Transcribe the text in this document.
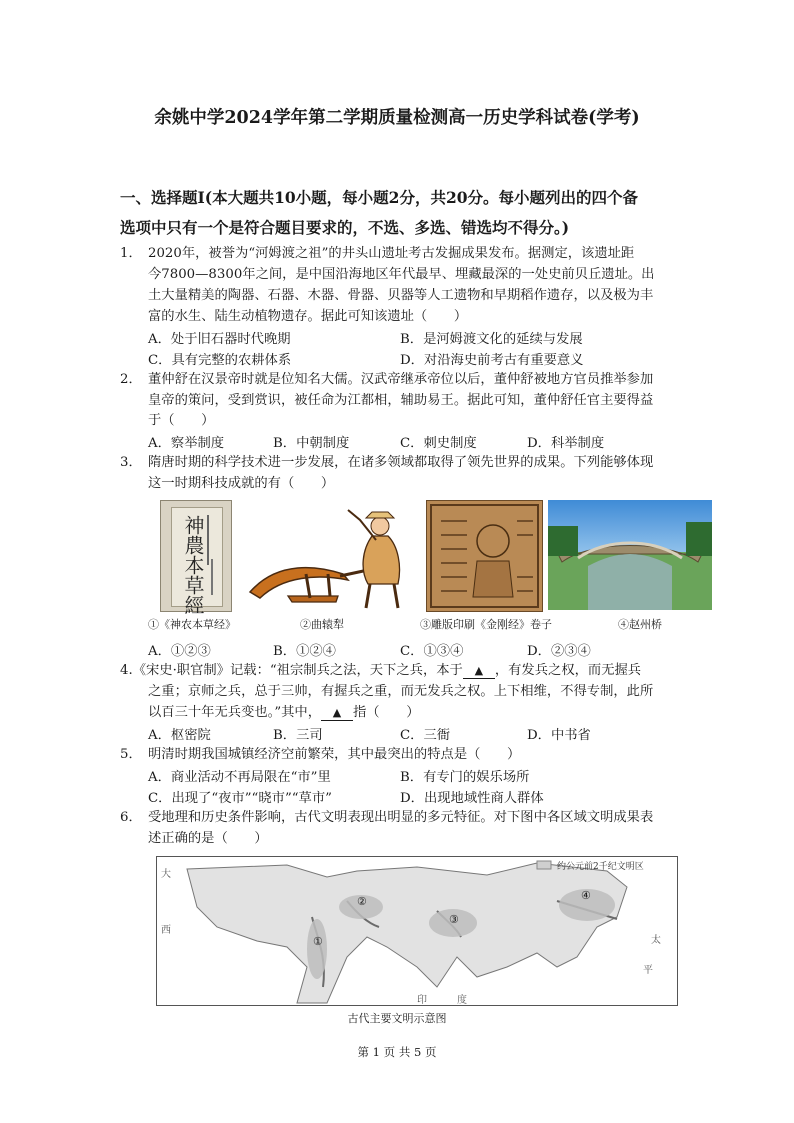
余姚中学2024学年第二学期质量检测高一历史学科试卷(学考)
一、选择题Ⅰ(本大题共10小题，每小题2分，共20分。每小题列出的四个备
选项中只有一个是符合题目要求的，不选、多选、错选均不得分。)
1． 2020年，被誉为“河姆渡之祖”的井头山遗址考古发掘成果发布。据测定，该遗址距
今7800—8300年之间，是中国沿海地区年代最早、埋藏最深的一处史前贝丘遗址。出
土大量精美的陶器、石器、木器、骨器、贝器等人工遗物和早期稻作遗存，以及极为丰
富的水生、陆生动植物遗存。据此可知该遗址（　　）
A．处于旧石器时代晚期	B．是河姆渡文化的延续与发展
C．具有完整的农耕体系	D．对沿海史前考古有重要意义
2． 董仲舒在汉景帝时就是位知名大儒。汉武帝继承帝位以后，董仲舒被地方官员推举参加
皇帝的策问，受到赏识，被任命为江都相，辅助易王。据此可知，董仲舒任官主要得益
于（　　）
A．察举制度	B．中朝制度	C．刺史制度	D．科举制度
3． 隋唐时期的科学技术进一步发展，在诸多领域都取得了领先世界的成果。下列能够体现
这一时期科技成就的有（　　）
神農本草經
①《神农本草经》	②曲辕犁	③雕版印刷《金刚经》卷子	④赵州桥
A．①②③	B．①②④	C．①③④	D．②③④
4.《宋史·职官制》记载：“祖宗制兵之法，天下之兵，本于 ▲ ，有发兵之权，而无握兵
之重；京师之兵，总于三帅，有握兵之重，而无发兵之权。上下相维，不得专制，此所
以百三十年无兵变也。”其中， ▲ 指（　　）
A．枢密院	B．三司	C．三衙	D．中书省
5． 明清时期我国城镇经济空前繁荣，其中最突出的特点是（　　）
A．商业活动不再局限在“市”里	B．有专门的娱乐场所
C．出现了“夜市”“晓市”“草市”	D．出现地域性商人群体
6． 受地理和历史条件影响，古代文明表现出明显的多元特征。对下图中各区域文明成果表
述正确的是（　　）
约公元前2千纪文明区
①
②
③
④
大
西
太
平
印	度
古代主要文明示意图
第 1 页 共 5 页
